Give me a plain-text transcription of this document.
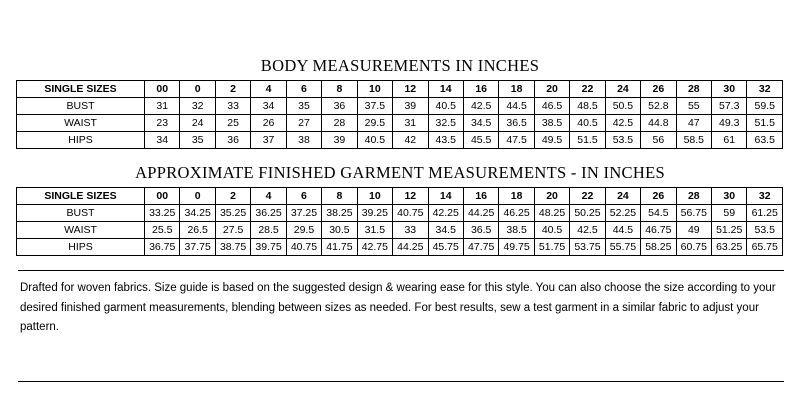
BODY MEASUREMENTS IN INCHES
SINGLE SIZES	00	0	2	4	6	8	10	12	14	16	18	20	22	24	26	28	30	32
BUST	31	32	33	34	35	36	37.5	39	40.5	42.5	44.5	46.5	48.5	50.5	52.8	55	57.3	59.5
WAIST	23	24	25	26	27	28	29.5	31	32.5	34.5	36.5	38.5	40.5	42.5	44.8	47	49.3	51.5
HIPS	34	35	36	37	38	39	40.5	42	43.5	45.5	47.5	49.5	51.5	53.5	56	58.5	61	63.5
APPROXIMATE FINISHED GARMENT MEASUREMENTS - IN INCHES
SINGLE SIZES	00	0	2	4	6	8	10	12	14	16	18	20	22	24	26	28	30	32
BUST	33.25	34.25	35.25	36.25	37.25	38.25	39.25	40.75	42.25	44.25	46.25	48.25	50.25	52.25	54.5	56.75	59	61.25
WAIST	25.5	26.5	27.5	28.5	29.5	30.5	31.5	33	34.5	36.5	38.5	40.5	42.5	44.5	46.75	49	51.25	53.5
HIPS	36.75	37.75	38.75	39.75	40.75	41.75	42.75	44.25	45.75	47.75	49.75	51.75	53.75	55.75	58.25	60.75	63.25	65.75
Drafted for woven fabrics. Size guide is based on the suggested design & wearing ease for this style. You can also choose the size according to your desired finished garment measurements, blending between sizes as needed. For best results, sew a test garment in a similar fabric to adjust your pattern.
